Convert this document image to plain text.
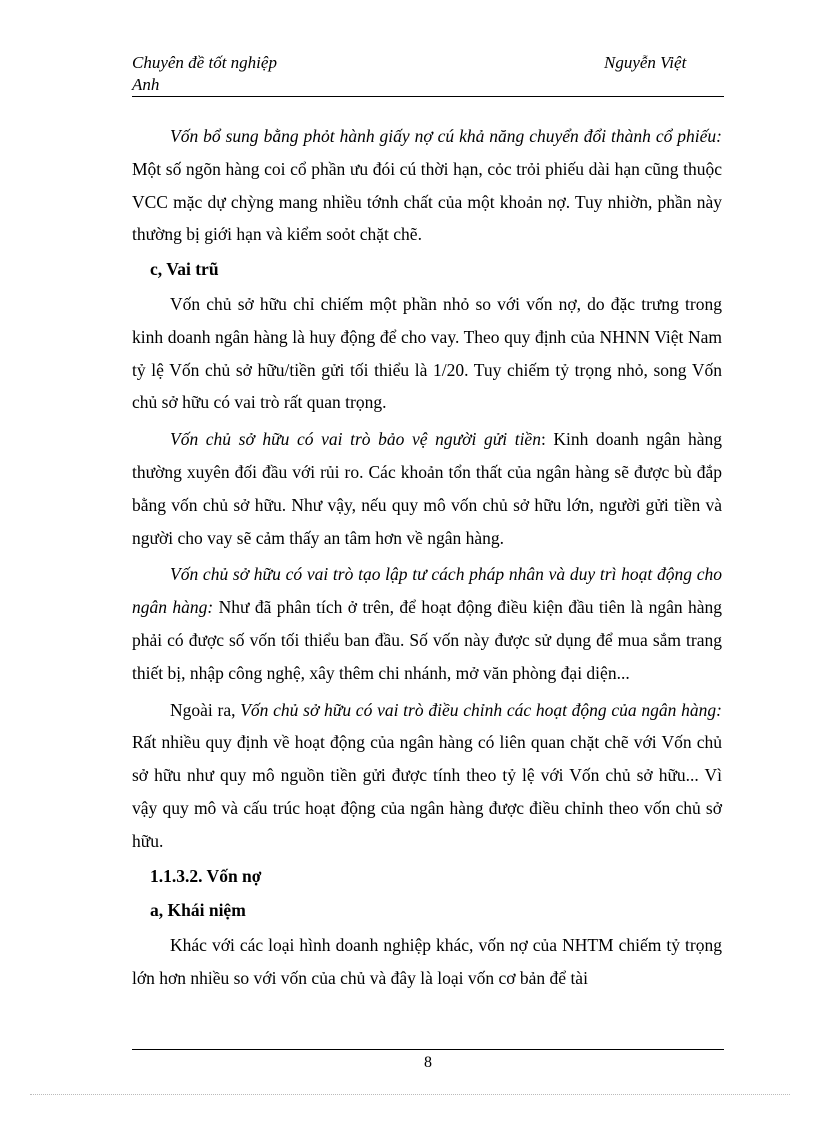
Chuyên đề tốt nghiệp	Nguyễn Việt
Anh

Vốn bổ sung bằng phỏt hành giấy nợ cú khả năng chuyển đổi thành cổ phiếu: Một số ngõn hàng coi cổ phần ưu đói cú thời hạn, cỏc trỏi phiếu dài hạn cũng thuộc VCC mặc dự chỳng mang nhiều tớnh chất của một khoản nợ. Tuy nhiờn, phần này thường bị giới hạn và kiểm soỏt chặt chẽ.

c, Vai trũ

Vốn chủ sở hữu chỉ chiếm một phần nhỏ so với vốn nợ, do đặc trưng trong kinh doanh ngân hàng là huy động để cho vay. Theo quy định của NHNN Việt Nam tỷ lệ Vốn chủ sở hữu/tiền gửi tối thiểu là 1/20. Tuy chiếm tỷ trọng nhỏ, song Vốn chủ sở hữu có vai trò rất quan trọng.

Vốn chủ sở hữu có vai trò bảo vệ người gửi tiền: Kinh doanh ngân hàng thường xuyên đối đầu với rủi ro. Các khoản tổn thất của ngân hàng sẽ được bù đắp bằng vốn chủ sở hữu. Như vậy, nếu quy mô vốn chủ sở hữu lớn, người gửi tiền và người cho vay sẽ cảm thấy an tâm hơn về ngân hàng.

Vốn chủ sở hữu có vai trò tạo lập tư cách pháp nhân và duy trì hoạt động cho ngân hàng: Như đã phân tích ở trên, để hoạt động điều kiện đầu tiên là ngân hàng phải có được số vốn tối thiểu ban đầu. Số vốn này được sử dụng để mua sắm trang thiết bị, nhập công nghệ, xây thêm chi nhánh, mở văn phòng đại diện...

Ngoài ra, Vốn chủ sở hữu có vai trò điều chỉnh các hoạt động của ngân hàng: Rất nhiều quy định về hoạt động của ngân hàng có liên quan chặt chẽ với Vốn chủ sở hữu như quy mô nguồn tiền gửi được tính theo tỷ lệ với Vốn chủ sở hữu... Vì vậy quy mô và cấu trúc hoạt động của ngân hàng được điều chỉnh theo vốn chủ sở hữu.

1.1.3.2. Vốn nợ

a, Khái niệm

Khác với các loại hình doanh nghiệp khác, vốn nợ của NHTM chiếm tỷ trọng lớn hơn nhiều so với vốn của chủ và đây là loại vốn cơ bản để tài

8
